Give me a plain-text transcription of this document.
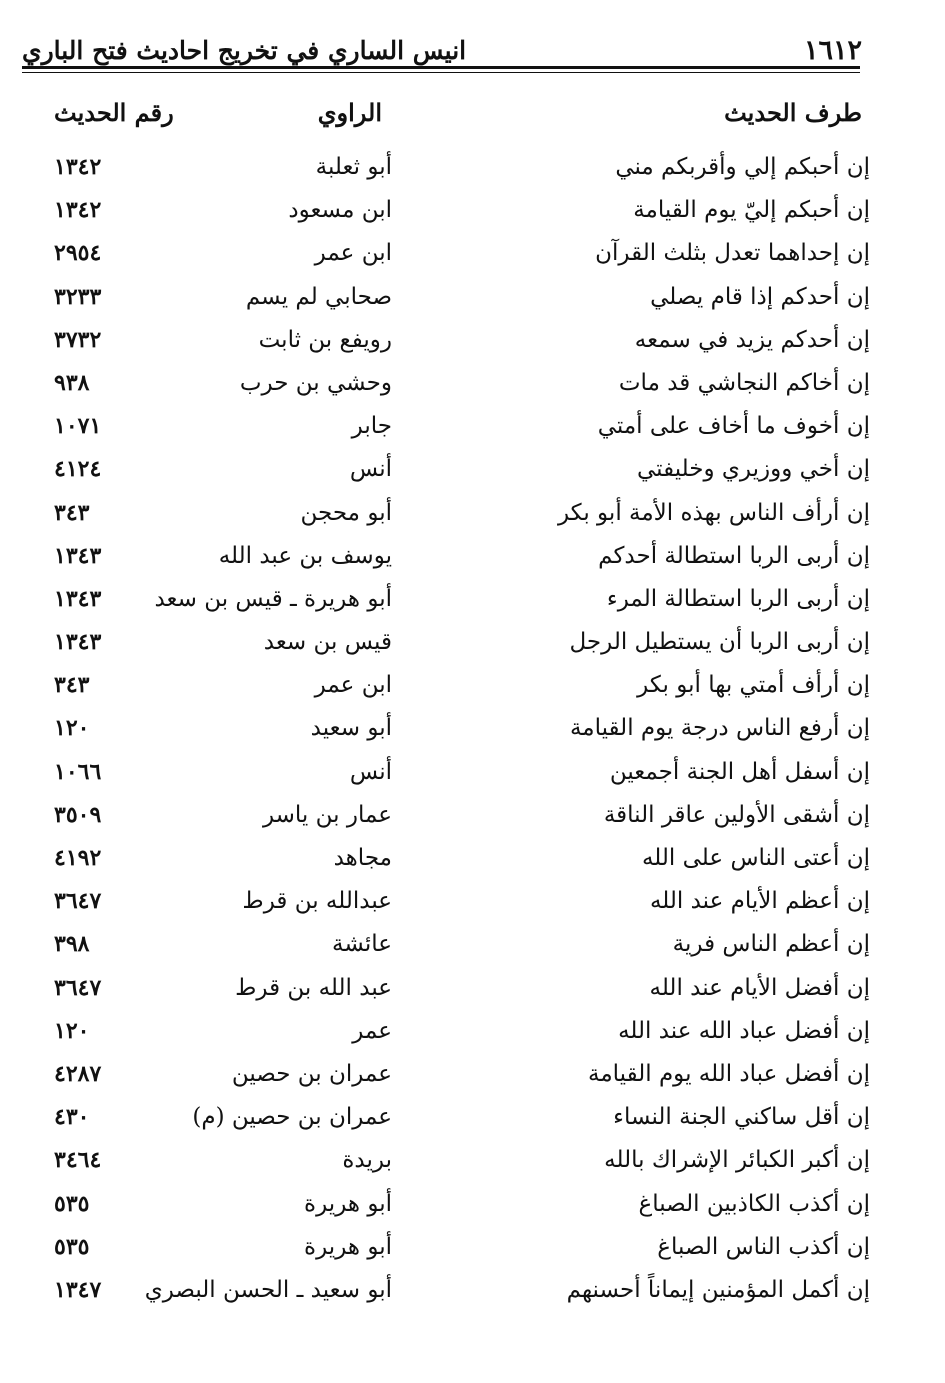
١٦١٢
انيس الساري في تخريج احاديث فتح الباري
طرف الحديث
الراوي
رقم الحديث
إن أحبكم إلي وأقربكم مني
أبو ثعلبة
١٣٤٢
إن أحبكم إليّ يوم القيامة
ابن مسعود
١٣٤٢
إن إحداهما تعدل بثلث القرآن
ابن عمر
٢٩٥٤
إن أحدكم إذا قام يصلي
صحابي لم يسم
٣٢٣٣
إن أحدكم يزيد في سمعه
رويفع بن ثابت
٣٧٣٢
إن أخاكم النجاشي قد مات
وحشي بن حرب
٩٣٨
إن أخوف ما أخاف على أمتي
جابر
١٠٧١
إن أخي ووزيري وخليفتي
أنس
٤١٢٤
إن أرأف الناس بهذه الأمة أبو بكر
أبو محجن
٣٤٣
إن أربى الربا استطالة أحدكم
يوسف بن عبد الله
١٣٤٣
إن أربى الربا استطالة المرء
أبو هريرة ـ قيس بن سعد
١٣٤٣
إن أربى الربا أن يستطيل الرجل
قيس بن سعد
١٣٤٣
إن أرأف أمتي بها أبو بكر
ابن عمر
٣٤٣
إن أرفع الناس درجة يوم القيامة
أبو سعيد
١٢٠
إن أسفل أهل الجنة أجمعين
أنس
١٠٦٦
إن أشقى الأولين عاقر الناقة
عمار بن ياسر
٣٥٠٩
إن أعتى الناس على الله
مجاهد
٤١٩٢
إن أعظم الأيام عند الله
عبدالله بن قرط
٣٦٤٧
إن أعظم الناس فرية
عائشة
٣٩٨
إن أفضل الأيام عند الله
عبد الله بن قرط
٣٦٤٧
إن أفضل عباد الله عند الله
عمر
١٢٠
إن أفضل عباد الله يوم القيامة
عمران بن حصين
٤٢٨٧
إن أقل ساكني الجنة النساء
عمران بن حصين (م)
٤٣٠
إن أكبر الكبائر الإشراك بالله
بريدة
٣٤٦٤
إن أكذب الكاذبين الصباغ
أبو هريرة
٥٣٥
إن أكذب الناس الصباغ
أبو هريرة
٥٣٥
إن أكمل المؤمنين إيماناً أحسنهم
أبو سعيد ـ الحسن البصري
١٣٤٧
